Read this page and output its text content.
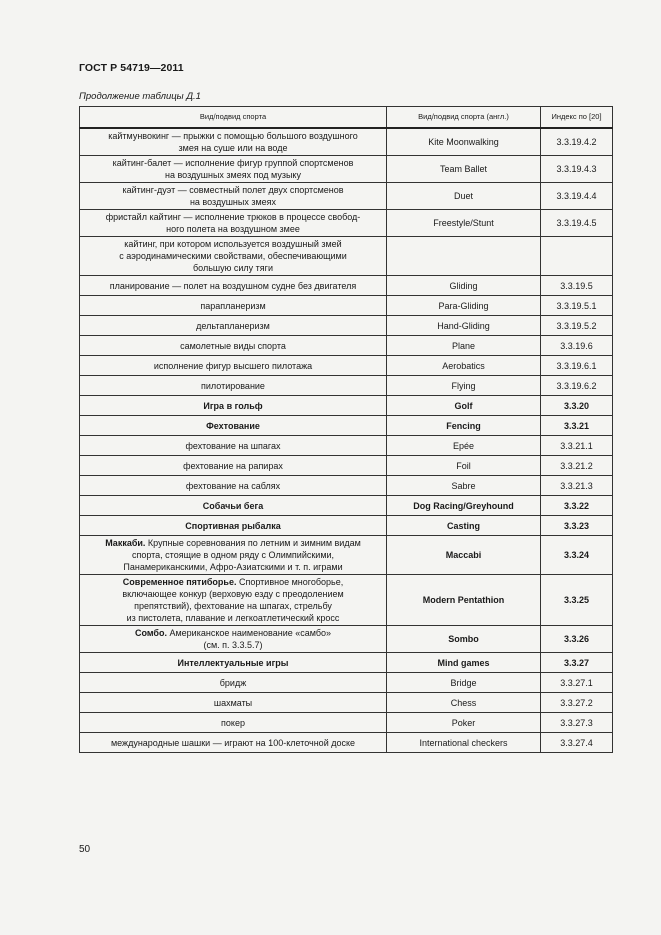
ГОСТ Р 54719—2011
Продолжение таблицы Д.1
Вид/подвид спорта	Вид/подвид спорта (англ.)	Индекс по [20]

кайтмунвокинг — прыжки с помощью большого воздушного
змея на суше или на воде	Kite Moonwalking	3.3.19.4.2

кайтинг-балет — исполнение фигур группой спортсменов
на воздушных змеях под музыку	Team Ballet	3.3.19.4.3

кайтинг-дуэт — совместный полет двух спортсменов
на воздушных змеях	Duet	3.3.19.4.4

фристайл кайтинг — исполнение трюков в процессе свобод-
ного полета на воздушном змее	Freestyle/Stunt	3.3.19.4.5

кайтинг, при котором используется воздушный змей
с аэродинамическими свойствами, обеспечивающими
большую силу тяги		

планирование — полет на воздушном судне без двигателя	Gliding	3.3.19.5

парапланеризм	Para-Gliding	3.3.19.5.1

дельтапланеризм	Hand-Gliding	3.3.19.5.2

самолетные виды спорта	Plane	3.3.19.6

исполнение фигур высшего пилотажа	Aerobatics	3.3.19.6.1

пилотирование	Flying	3.3.19.6.2

Игра в гольф	Golf	3.3.20

Фехтование	Fencing	3.3.21

фехтование на шпагах	Epée	3.3.21.1

фехтование на рапирах	Foil	3.3.21.2

фехтование на саблях	Sabre	3.3.21.3

Собачьи бега	Dog Racing/Greyhound	3.3.22

Спортивная рыбалка	Casting	3.3.23

Маккаби. Крупные соревнования по летним и зимним видам
спорта, стоящие в одном ряду с Олимпийскими,
Панамериканскими, Афро-Азиатскими и т. п. играми	Maccabi	3.3.24

Современное пятиборье. Спортивное многоборье,
включающее конкур (верховую езду с преодолением
препятствий), фехтование на шпагах, стрельбу
из пистолета, плавание и легкоатлетический кросс	Modern Pentathion	3.3.25

Сомбо. Американское наименование «самбо»
(см. п. 3.3.5.7)	Sombo	3.3.26

Интеллектуальные игры	Mind games	3.3.27

бридж	Bridge	3.3.27.1

шахматы	Chess	3.3.27.2

покер	Poker	3.3.27.3

международные шашки — играют на 100-клеточной доске	International checkers	3.3.27.4
50
